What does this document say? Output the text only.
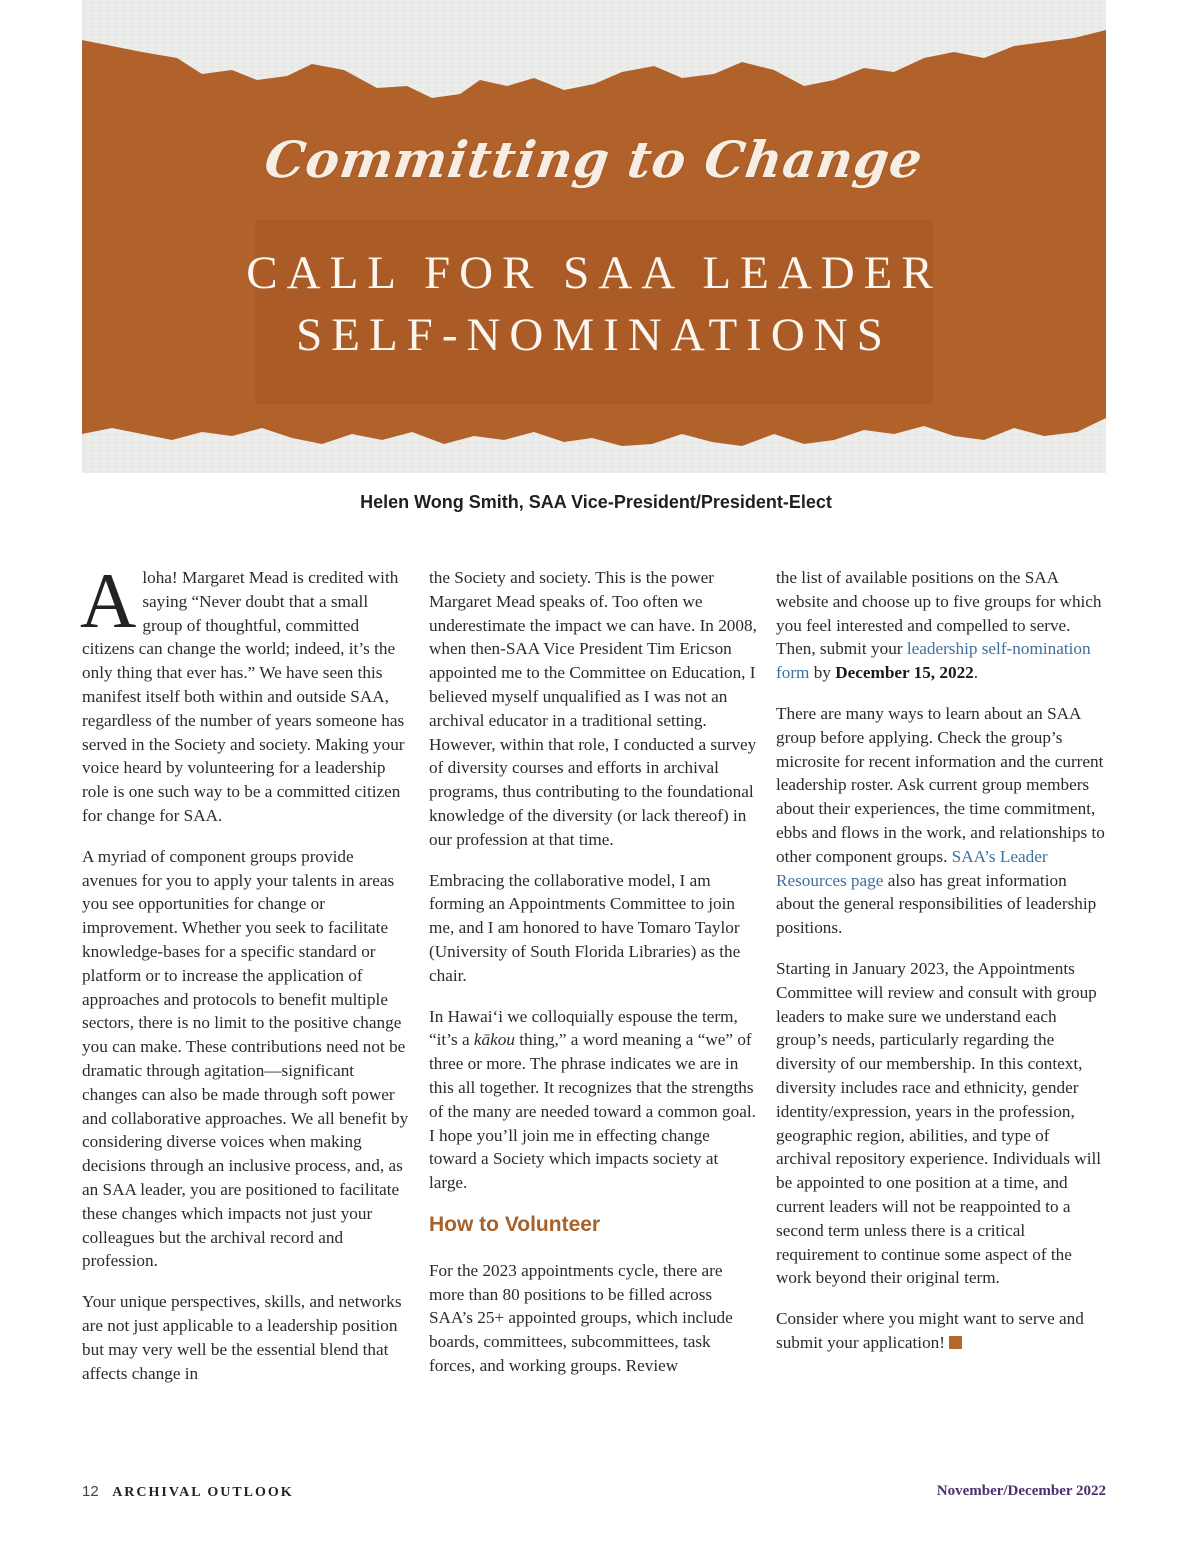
Committing to Change
CALL FOR SAA LEADER
SELF-NOMINATIONS
Helen Wong Smith, SAA Vice-President/President-Elect

Aloha! Margaret Mead is credited with saying “Never doubt that a small group of thoughtful, committed citizens can change the world; indeed, it’s the only thing that ever has.” We have seen this manifest itself both within and outside SAA, regardless of the number of years someone has served in the Society and society. Making your voice heard by volunteering for a leadership role is one such way to be a committed citizen for change for SAA.

A myriad of component groups provide avenues for you to apply your talents in areas you see opportunities for change or improvement. Whether you seek to facilitate knowledge-bases for a specific standard or platform or to increase the application of approaches and protocols to benefit multiple sectors, there is no limit to the positive change you can make. These contributions need not be dramatic through agitation—significant changes can also be made through soft power and collaborative approaches. We all benefit by considering diverse voices when making decisions through an inclusive process, and, as an SAA leader, you are positioned to facilitate these changes which impacts not just your colleagues but the archival record and profession.

Your unique perspectives, skills, and networks are not just applicable to a leadership position but may very well be the essential blend that affects change in

the Society and society. This is the power Margaret Mead speaks of. Too often we underestimate the impact we can have. In 2008, when then-SAA Vice President Tim Ericson appointed me to the Committee on Education, I believed myself unqualified as I was not an archival educator in a traditional setting. However, within that role, I conducted a survey of diversity courses and efforts in archival programs, thus contributing to the foundational knowledge of the diversity (or lack thereof) in our profession at that time.

Embracing the collaborative model, I am forming an Appointments Committee to join me, and I am honored to have Tomaro Taylor (University of South Florida Libraries) as the chair.

In Hawai‘i we colloquially espouse the term, “it’s a kākou thing,” a word meaning a “we” of three or more. The phrase indicates we are in this all together. It recognizes that the strengths of the many are needed toward a common goal. I hope you’ll join me in effecting change toward a Society which impacts society at large.

How to Volunteer

For the 2023 appointments cycle, there are more than 80 positions to be filled across SAA’s 25+ appointed groups, which include boards, committees, subcommittees, task forces, and working groups. Review

the list of available positions on the SAA website and choose up to five groups for which you feel interested and compelled to serve. Then, submit your leadership self-nomination form by December 15, 2022.

There are many ways to learn about an SAA group before applying. Check the group’s microsite for recent information and the current leadership roster. Ask current group members about their experiences, the time commitment, ebbs and flows in the work, and relationships to other component groups. SAA’s Leader Resources page also has great information about the general responsibilities of leadership positions.

Starting in January 2023, the Appointments Committee will review and consult with group leaders to make sure we understand each group’s needs, particularly regarding the diversity of our membership. In this context, diversity includes race and ethnicity, gender identity/expression, years in the profession, geographic region, abilities, and type of archival repository experience. Individuals will be appointed to one position at a time, and current leaders will not be reappointed to a second term unless there is a critical requirement to continue some aspect of the work beyond their original term.

Consider where you might want to serve and submit your application!

12 ARCHIVAL OUTLOOK	November/December 2022
